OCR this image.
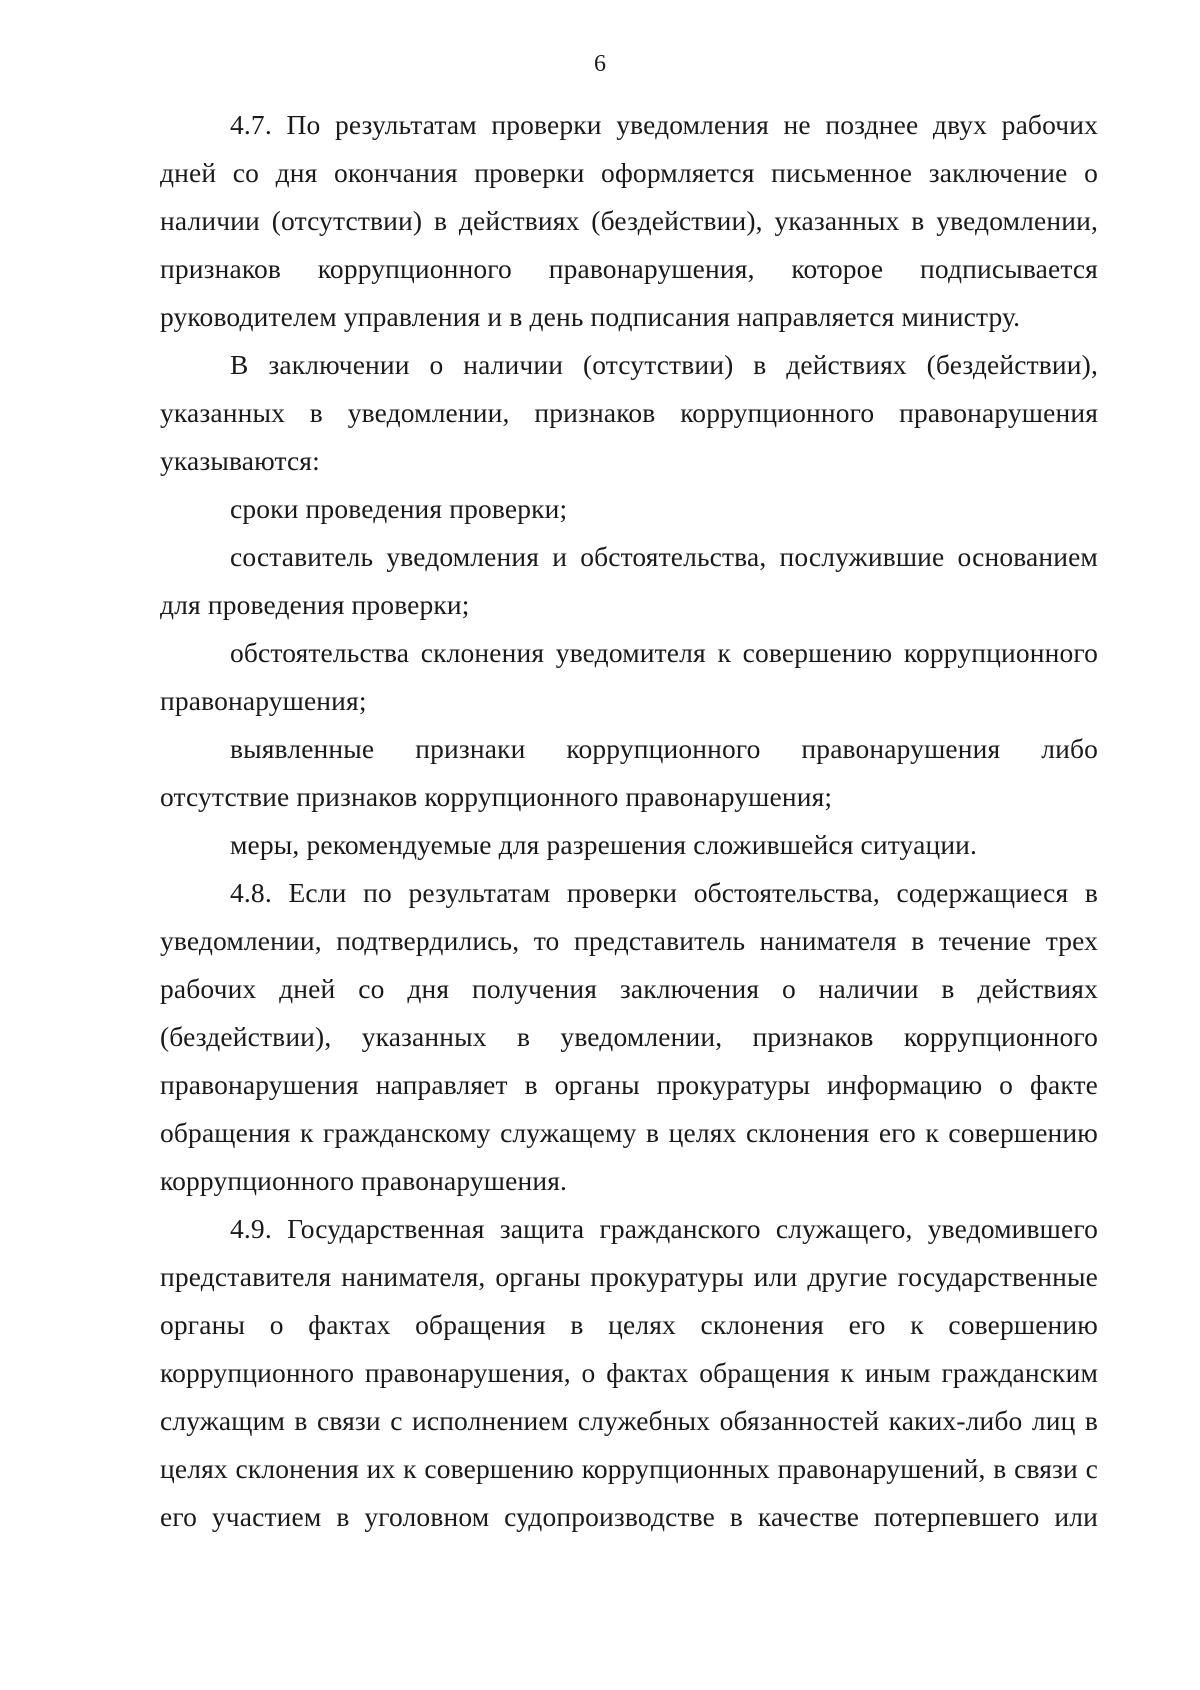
6

4.7. По результатам проверки уведомления не позднее двух рабочих дней со дня окончания проверки оформляется письменное заключение о наличии (отсутствии) в действиях (бездействии), указанных в уведомлении, признаков коррупционного правонарушения, которое подписывается руководителем управления и в день подписания направляется министру.

В заключении о наличии (отсутствии) в действиях (бездействии), указанных в уведомлении, признаков коррупционного правонарушения указываются:

сроки проведения проверки;

составитель уведомления и обстоятельства, послужившие основанием для проведения проверки;

обстоятельства склонения уведомителя к совершению коррупционного правонарушения;

выявленные признаки коррупционного правонарушения либо отсутствие признаков коррупционного правонарушения;

меры, рекомендуемые для разрешения сложившейся ситуации.

4.8. Если по результатам проверки обстоятельства, содержащиеся в уведомлении, подтвердились, то представитель нанимателя в течение трех рабочих дней со дня получения заключения о наличии в действиях (бездействии), указанных в уведомлении, признаков коррупционного правонарушения направляет в органы прокуратуры информацию о факте обращения к гражданскому служащему в целях склонения его к совершению коррупционного правонарушения.

4.9. Государственная защита гражданского служащего, уведомившего представителя нанимателя, органы прокуратуры или другие государственные органы о фактах обращения в целях склонения его к совершению коррупционного правонарушения, о фактах обращения к иным гражданским служащим в связи с исполнением служебных обязанностей каких-либо лиц в целях склонения их к совершению коррупционных правонарушений, в связи с его участием в уголовном судопроизводстве в качестве потерпевшего или
